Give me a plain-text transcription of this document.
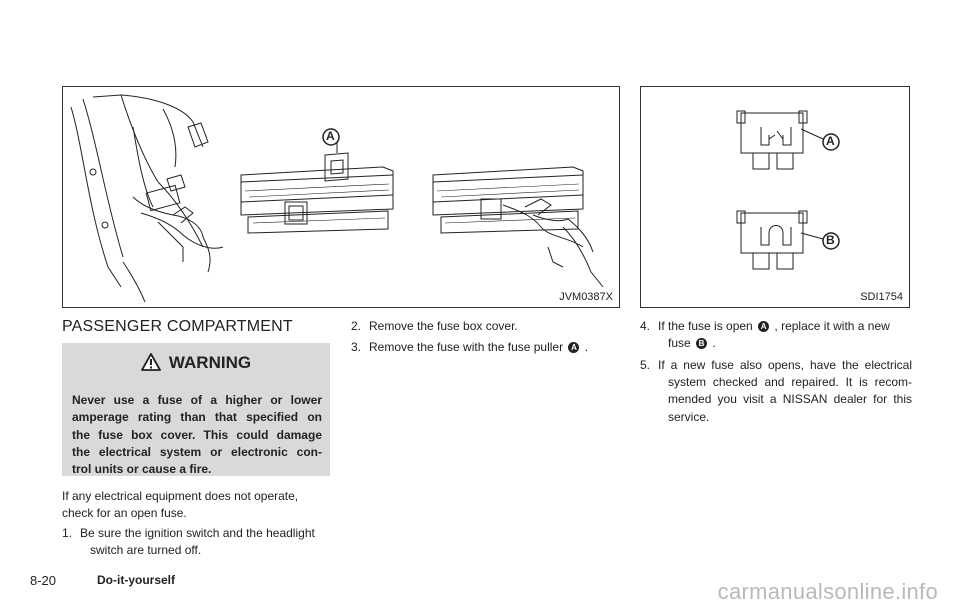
A
JVM0387X
A
B
SDI1754
PASSENGER COMPARTMENT
WARNING
Never use a fuse of a higher or lower
amperage rating than that specified on
the fuse box cover. This could damage
the electrical system or electronic con-
trol units or cause a fire.
If any electrical equipment does not operate,
check for an open fuse.
1. Be sure the ignition switch and the headlight
switch are turned off.
2. Remove the fuse box cover.
3. Remove the fuse with the fuse puller A .
4. If the fuse is open A , replace it with a new
fuse B .
5. If a new fuse also opens, have the electrical
system checked and repaired. It is recom-
mended you visit a NISSAN dealer for this
service.
8-20	Do-it-yourself	carmanualsonline.info
